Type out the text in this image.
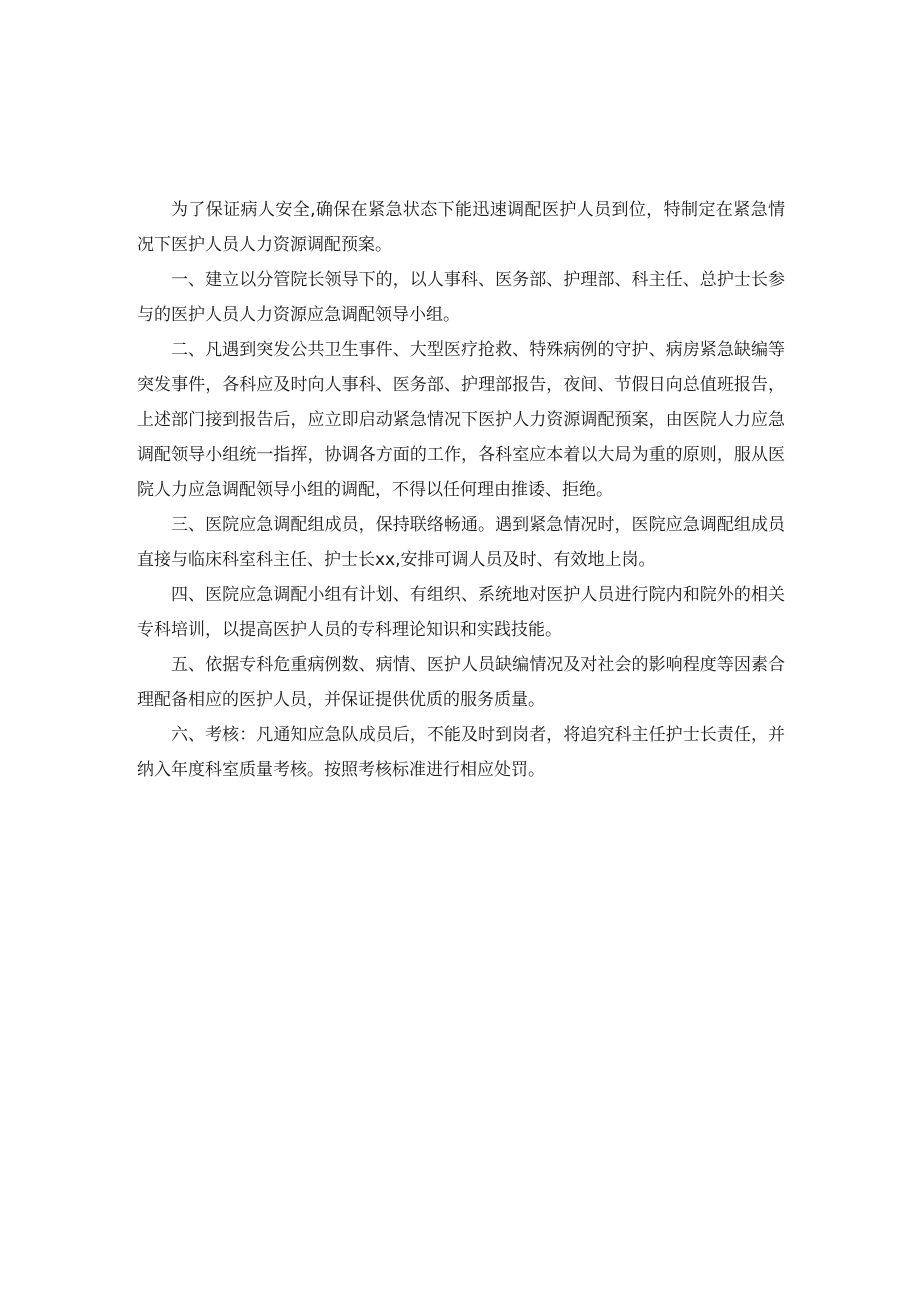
为了保证病人安全,确保在紧急状态下能迅速调配医护人员到位，特制定在紧急情况下医护人员人力资源调配预案。

一、建立以分管院长领导下的，以人事科、医务部、护理部、科主任、总护士长参与的医护人员人力资源应急调配领导小组。

二、凡遇到突发公共卫生事件、大型医疗抢救、特殊病例的守护、病房紧急缺编等突发事件，各科应及时向人事科、医务部、护理部报告，夜间、节假日向总值班报告，上述部门接到报告后，应立即启动紧急情况下医护人力资源调配预案，由医院人力应急调配领导小组统一指挥，协调各方面的工作，各科室应本着以大局为重的原则，服从医院人力应急调配领导小组的调配，不得以任何理由推诿、拒绝。

三、医院应急调配组成员，保持联络畅通。遇到紧急情况时，医院应急调配组成员直接与临床科室科主任、护士长xx,安排可调人员及时、有效地上岗。

四、医院应急调配小组有计划、有组织、系统地对医护人员进行院内和院外的相关专科培训，以提高医护人员的专科理论知识和实践技能。

五、依据专科危重病例数、病情、医护人员缺编情况及对社会的影响程度等因素合理配备相应的医护人员，并保证提供优质的服务质量。

六、考核：凡通知应急队成员后，不能及时到岗者，将追究科主任护士长责任，并纳入年度科室质量考核。按照考核标准进行相应处罚。
